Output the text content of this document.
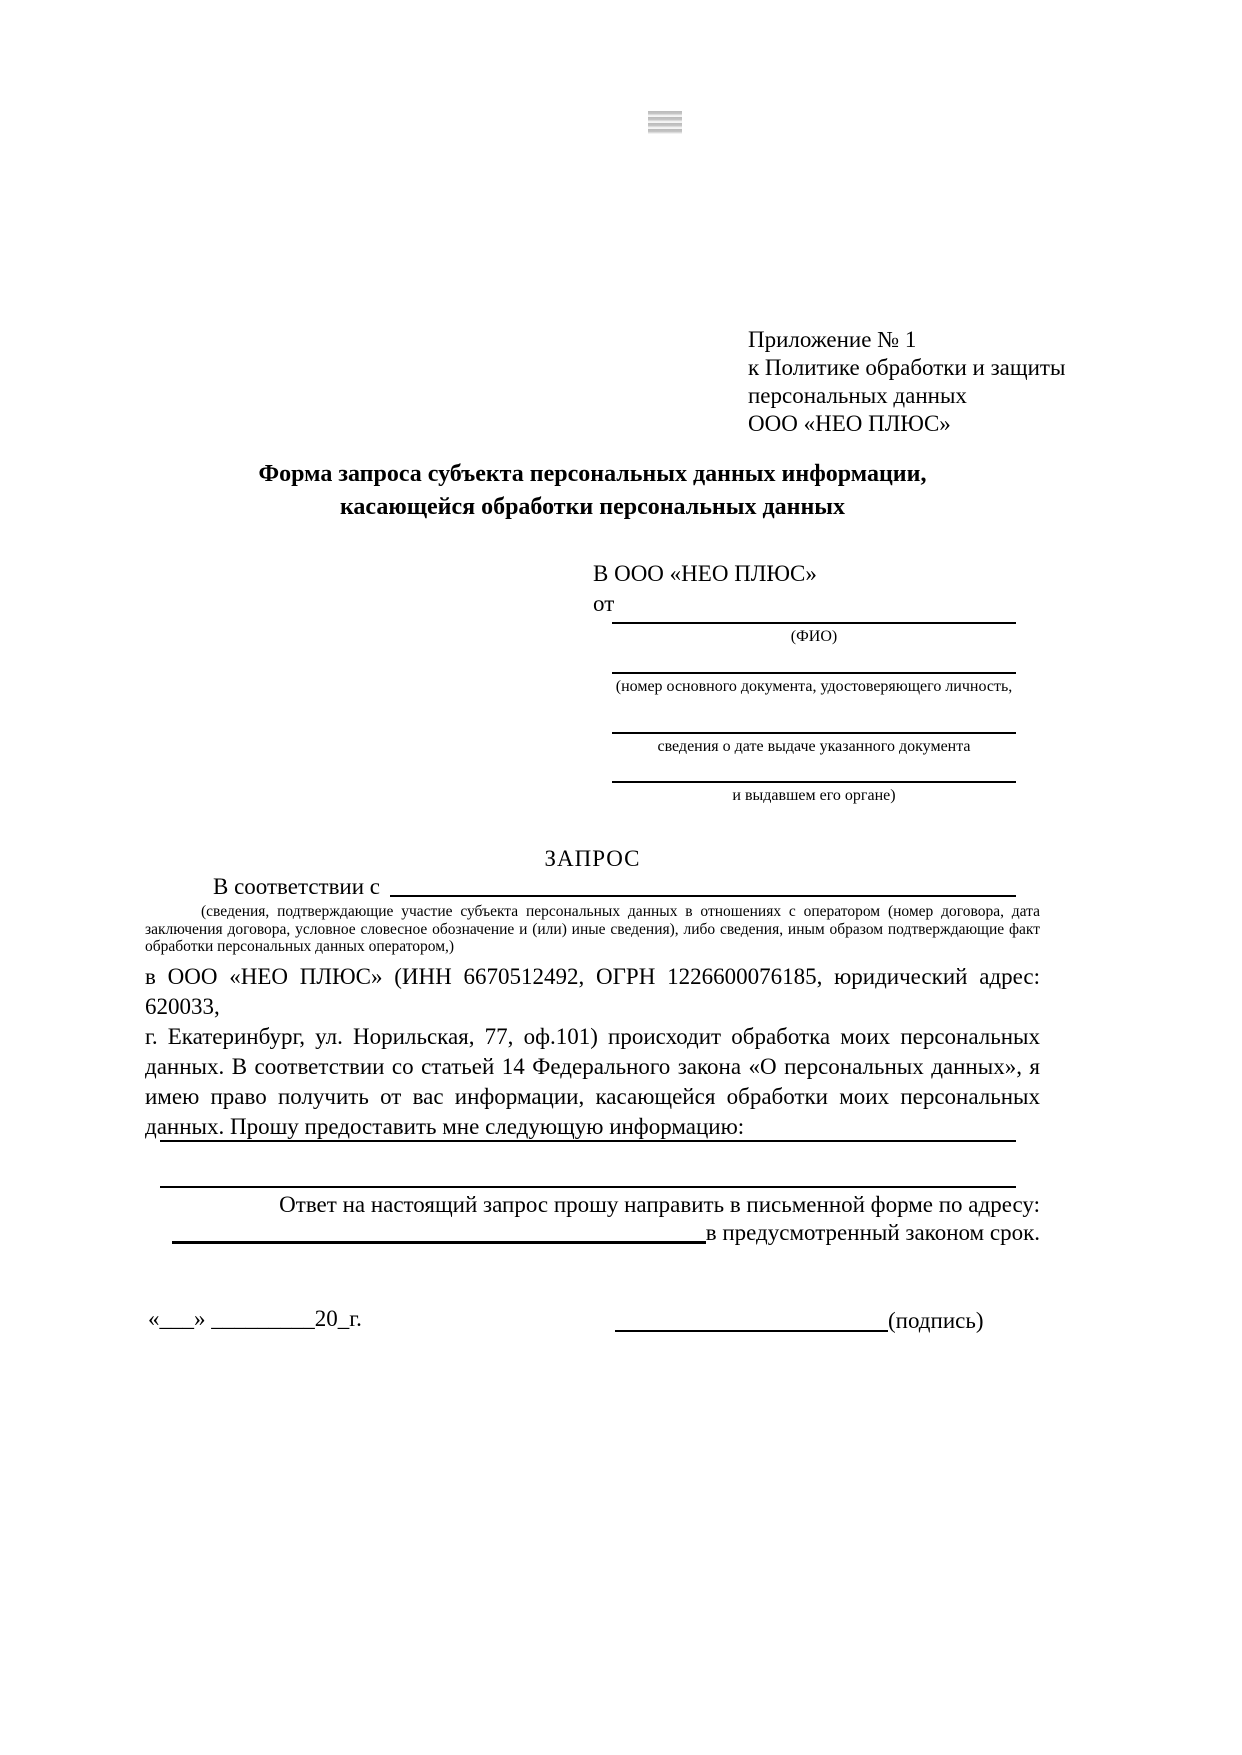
Приложение № 1
к Политике обработки и защиты
персональных данных
ООО «НЕО ПЛЮС»
Форма запроса субъекта персональных данных информации,
касающейся обработки персональных данных
В ООО «НЕО ПЛЮС»
от
(ФИО)
(номер основного документа, удостоверяющего личность,
сведения о дате выдаче указанного документа
и выдавшем его органе)
ЗАПРОС
В соответствии с
(сведения, подтверждающие участие субъекта персональных данных в отношениях с оператором (номер договора, дата
заключения договора, условное словесное обозначение и (или) иные сведения), либо сведения, иным образом подтверждающие факт
обработки персональных данных оператором,)
в ООО «НЕО ПЛЮС» (ИНН 6670512492, ОГРН 1226600076185, юридический адрес: 620033,
г. Екатеринбург, ул. Норильская, 77, оф.101) происходит обработка моих персональных
данных. В соответствии со статьей 14 Федерального закона «О персональных данных», я
имею право получить от вас информации, касающейся обработки моих персональных
данных. Прошу предоставить мне следующую информацию:
Ответ на настоящий запрос прошу направить в письменной форме по адресу:
в предусмотренный законом срок.
«___» _________20_г.	(подпись)
